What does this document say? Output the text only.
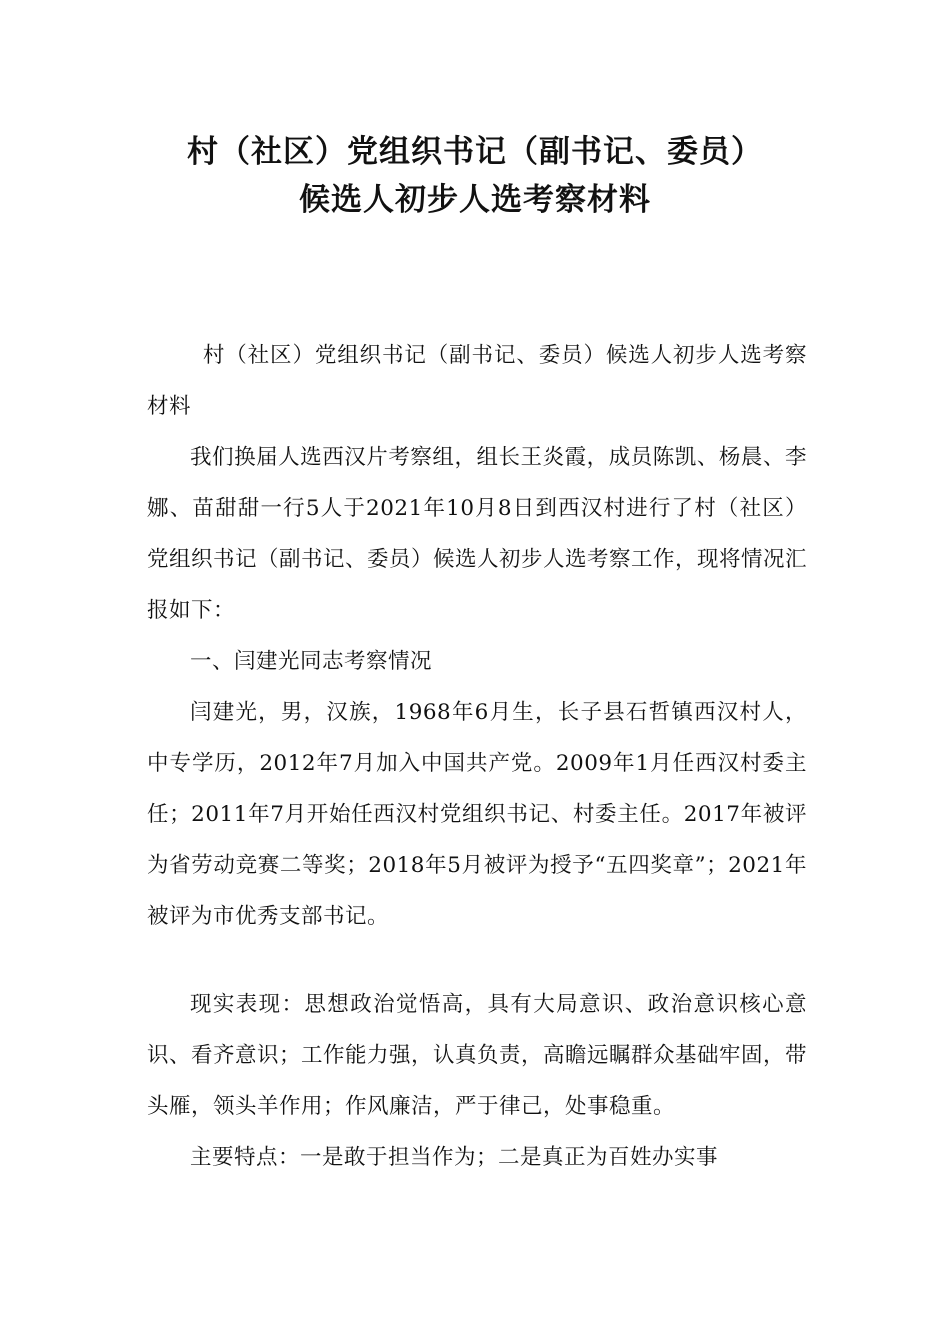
村（社区）党组织书记（副书记、委员）
候选人初步人选考察材料

村（社区）党组织书记（副书记、委员）候选人初步人选考察材料

我们换届人选西汉片考察组，组长王炎霞，成员陈凯、杨晨、李娜、苗甜甜一行5人于2021年10月8日到西汉村进行了村（社区）党组织书记（副书记、委员）候选人初步人选考察工作，现将情况汇报如下：

一、闫建光同志考察情况

闫建光，男，汉族，1968年6月生，长子县石哲镇西汉村人，中专学历，2012年7月加入中国共产党。2009年1月任西汉村委主任；2011年7月开始任西汉村党组织书记、村委主任。2017年被评为省劳动竞赛二等奖；2018年5月被评为授予“五四奖章”；2021年被评为市优秀支部书记。

现实表现：思想政治觉悟高，具有大局意识、政治意识核心意识、看齐意识；工作能力强，认真负责，高瞻远瞩群众基础牢固，带头雁，领头羊作用；作风廉洁，严于律己，处事稳重。

主要特点：一是敢于担当作为；二是真正为百姓办实事
